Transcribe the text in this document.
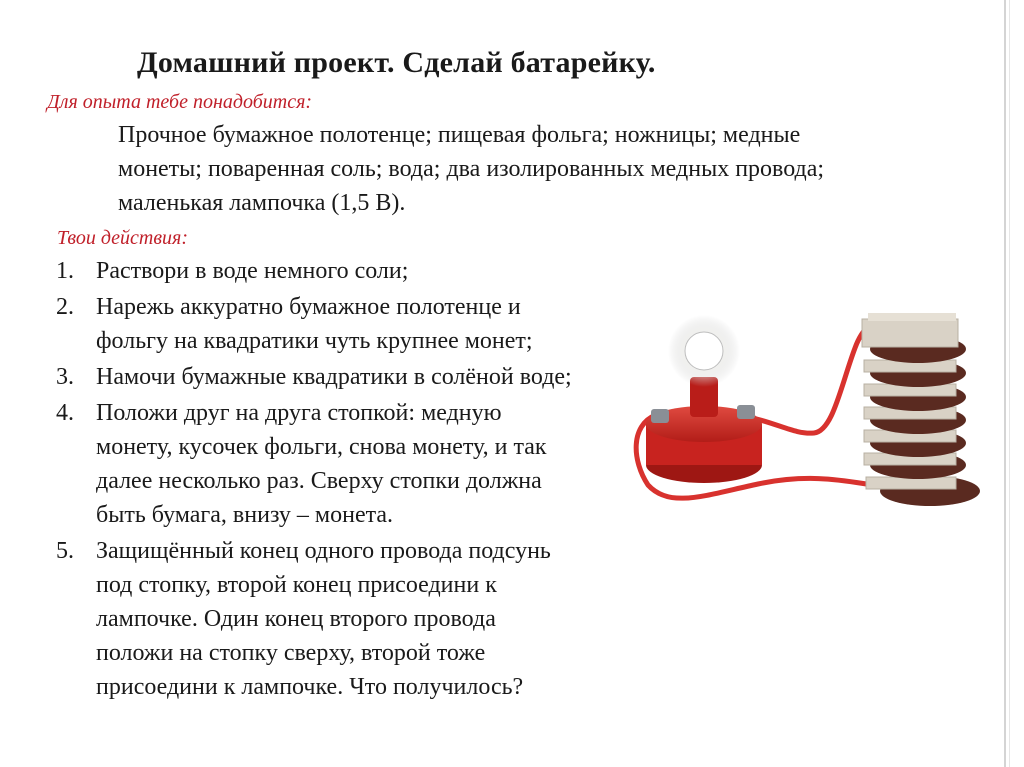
Домашний проект. Сделай батарейку.

Для опыта тебе понадобится:

Прочное бумажное полотенце; пищевая фольга; ножницы; медные
монеты; поваренная соль; вода; два изолированных медных провода;
маленькая лампочка (1,5 В).

Твои действия:

1. Раствори в воде немного соли;
2. Нарежь аккуратно бумажное полотенце и
фольгу на квадратики чуть крупнее монет;
3. Намочи бумажные квадратики в солёной воде;
4. Положи друг на друга стопкой: медную
монету, кусочек фольги, снова монету, и так
далее несколько раз. Сверху стопки должна
быть бумага, внизу – монета.
5. Защищённый конец одного провода подсунь
под стопку, второй конец присоедини к
лампочке. Один конец второго провода
положи на стопку сверху, второй тоже
присоедини к лампочке. Что получилось?
